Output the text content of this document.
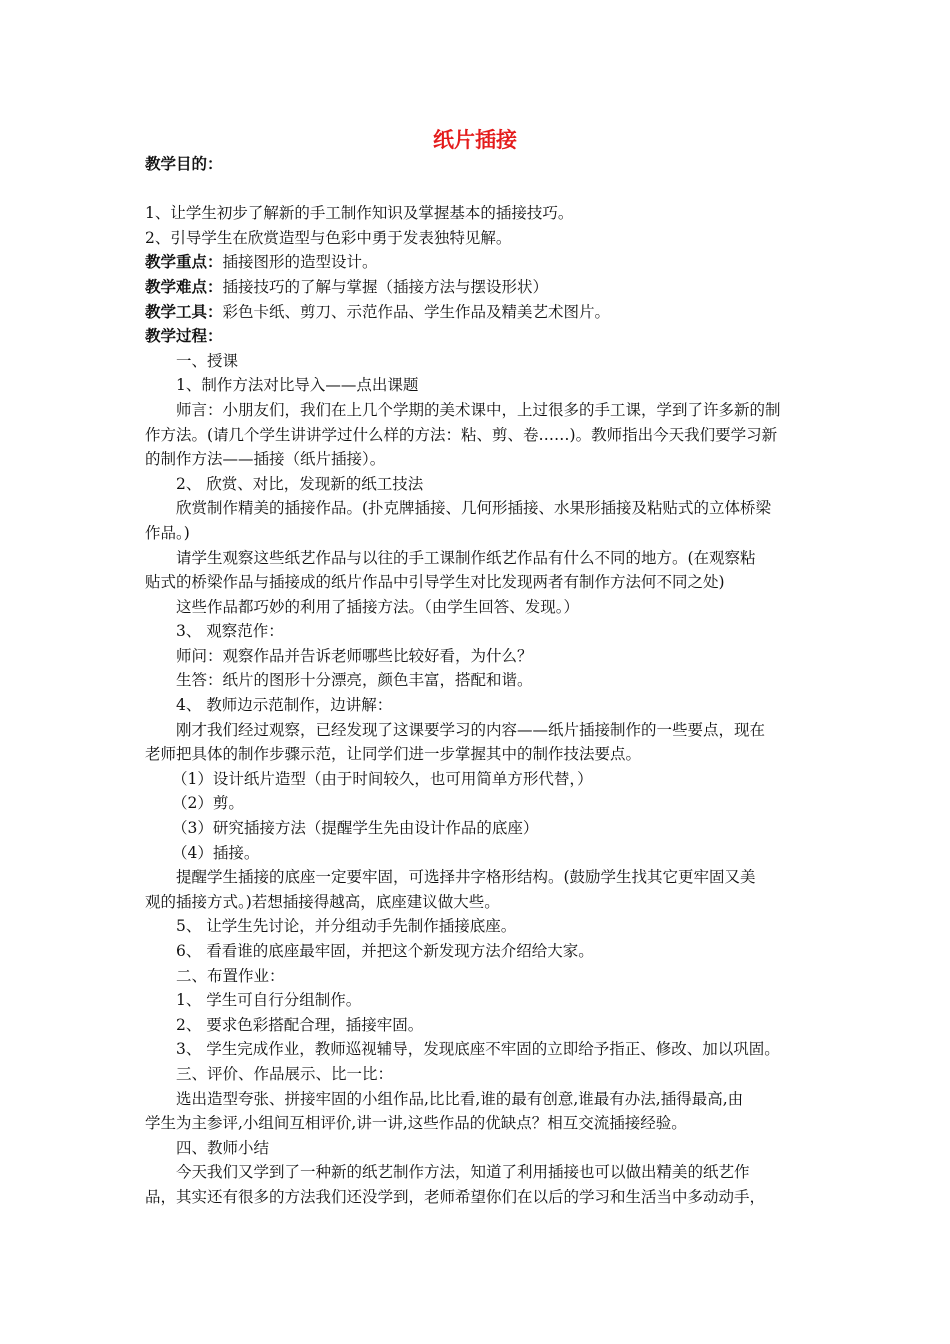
纸片插接
教学目的：
1、让学生初步了解新的手工制作知识及掌握基本的插接技巧。
2、引导学生在欣赏造型与色彩中勇于发表独特见解。
教学重点：插接图形的造型设计。
教学难点：插接技巧的了解与掌握（插接方法与摆设形状）
教学工具：彩色卡纸、剪刀、示范作品、学生作品及精美艺术图片。
教学过程：
一、授课
1、制作方法对比导入——点出课题
师言：小朋友们，我们在上几个学期的美术课中，上过很多的手工课，学到了许多新的制
作方法。(请几个学生讲讲学过什么样的方法：粘、剪、卷……)。教师指出今天我们要学习新
的制作方法——插接（纸片插接）。
2、 欣赏、对比，发现新的纸工技法
欣赏制作精美的插接作品。(扑克牌插接、几何形插接、水果形插接及粘贴式的立体桥梁
作品。)
请学生观察这些纸艺作品与以往的手工课制作纸艺作品有什么不同的地方。(在观察粘
贴式的桥梁作品与插接成的纸片作品中引导学生对比发现两者有制作方法何不同之处)
这些作品都巧妙的利用了插接方法。（由学生回答、发现。）
3、 观察范作：
师问：观察作品并告诉老师哪些比较好看，为什么？
生答：纸片的图形十分漂亮，颜色丰富，搭配和谐。
4、 教师边示范制作，边讲解：
刚才我们经过观察，已经发现了这课要学习的内容——纸片插接制作的一些要点，现在
老师把具体的制作步骤示范，让同学们进一步掌握其中的制作技法要点。
（1）设计纸片造型（由于时间较久，也可用简单方形代替，）
（2）剪。
（3）研究插接方法（提醒学生先由设计作品的底座）
（4）插接。
提醒学生插接的底座一定要牢固，可选择井字格形结构。(鼓励学生找其它更牢固又美
观的插接方式。)若想插接得越高，底座建议做大些。
5、 让学生先讨论，并分组动手先制作插接底座。
6、 看看谁的底座最牢固，并把这个新发现方法介绍给大家。
二、布置作业：
1、 学生可自行分组制作。
2、 要求色彩搭配合理，插接牢固。
3、 学生完成作业，教师巡视辅导，发现底座不牢固的立即给予指正、修改、加以巩固。
三、评价、作品展示、比一比：
选出造型夸张、拼接牢固的小组作品,比比看,谁的最有创意,谁最有办法,插得最高,由
学生为主参评,小组间互相评价,讲一讲,这些作品的优缺点？相互交流插接经验。
四、教师小结
今天我们又学到了一种新的纸艺制作方法，知道了利用插接也可以做出精美的纸艺作
品，其实还有很多的方法我们还没学到，老师希望你们在以后的学习和生活当中多动动手，
